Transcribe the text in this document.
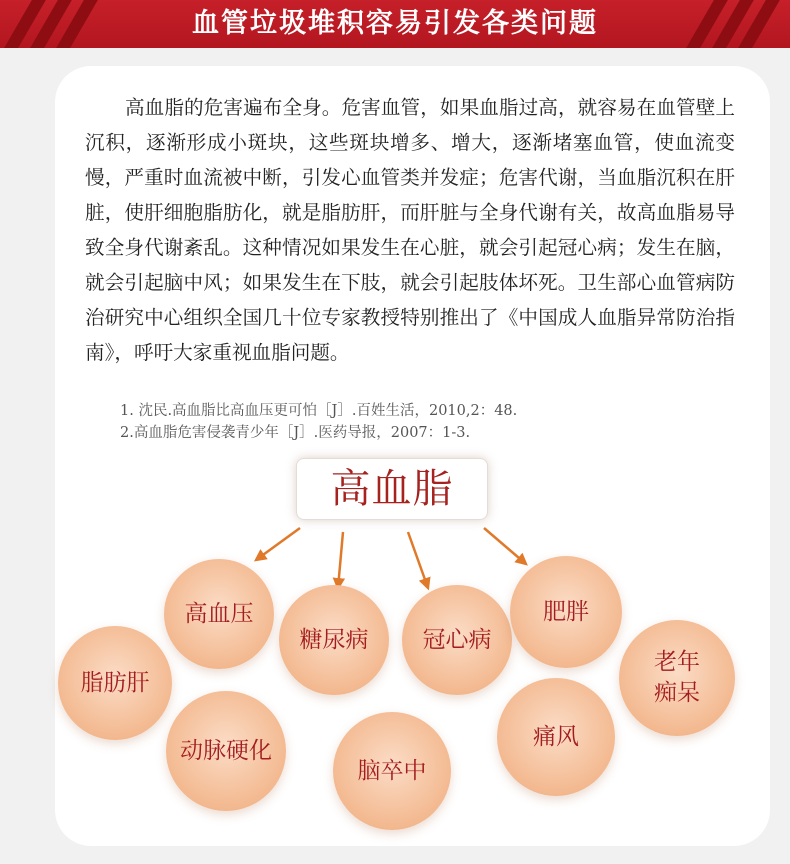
血管垃圾堆积容易引发各类问题

高血脂的危害遍布全身。危害血管，如果血脂过高，就容易在血管壁上沉积，逐渐形成小斑块，这些斑块增多、增大，逐渐堵塞血管，使血流变慢，严重时血流被中断，引发心血管类并发症；危害代谢，当血脂沉积在肝脏，使肝细胞脂肪化，就是脂肪肝，而肝脏与全身代谢有关，故高血脂易导致全身代谢紊乱。这种情况如果发生在心脏，就会引起冠心病；发生在脑，就会引起脑中风；如果发生在下肢，就会引起肢体坏死。卫生部心血管病防治研究中心组织全国几十位专家教授特别推出了《中国成人血脂异常防治指南》，呼吁大家重视血脂问题。

1. 沈民.高血脂比高血压更可怕［J］.百姓生活，2010,2：48.
2.高血脂危害侵袭青少年［J］.医药导报，2007：1-3.
高血脂
高血压
糖尿病 冠心病
肥胖
脂肪肝
动脉硬化
脑卒中
痛风
老年
痴呆
